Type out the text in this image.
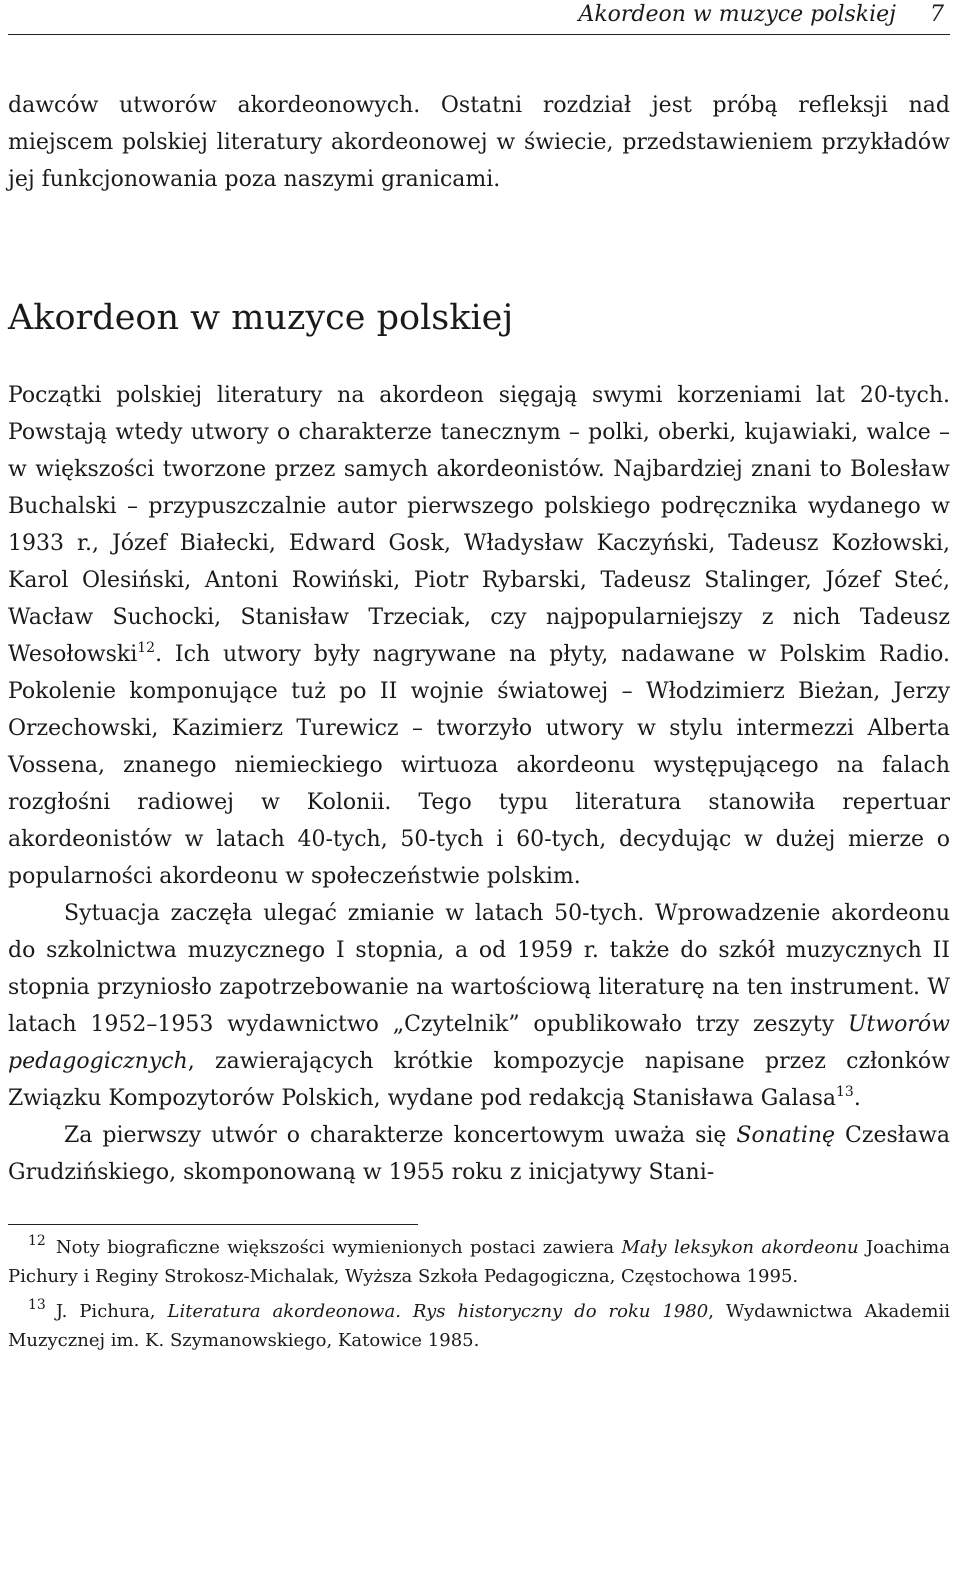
Akordeon w muzyce polskiej 7

dawców utworów akordeonowych. Ostatni rozdział jest próbą refleksji nad miejscem polskiej literatury akordeonowej w świecie, przedstawieniem przykładów jej funkcjonowania poza naszymi granicami.

Akordeon w muzyce polskiej

Początki polskiej literatury na akordeon sięgają swymi korzeniami lat 20-tych. Powstają wtedy utwory o charakterze tanecznym – polki, oberki, kujawiaki, walce – w większości tworzone przez samych akordeonistów. Najbardziej znani to Bolesław Buchalski – przypuszczalnie autor pierwszego polskiego podręcznika wydanego w 1933 r., Józef Białecki, Edward Gosk, Władysław Kaczyński, Tadeusz Kozłowski, Karol Olesiński, Antoni Rowiński, Piotr Rybarski, Tadeusz Stalinger, Józef Steć, Wacław Suchocki, Stanisław Trzeciak, czy najpopularniejszy z nich Tadeusz Wesołowski$^{12}$. Ich utwory były nagrywane na płyty, nadawane w Polskim Radio. Pokolenie komponujące tuż po II wojnie światowej – Włodzimierz Bieżan, Jerzy Orzechowski, Kazimierz Turewicz – tworzyło utwory w stylu intermezzi Alberta Vossena, znanego niemieckiego wirtuoza akordeonu występującego na falach rozgłośni radiowej w Kolonii. Tego typu literatura stanowiła repertuar akordeonistów w latach 40-tych, 50-tych i 60-tych, decydując w dużej mierze o popularności akordeonu w społeczeństwie polskim.

Sytuacja zaczęła ulegać zmianie w latach 50-tych. Wprowadzenie akordeonu do szkolnictwa muzycznego I stopnia, a od 1959 r. także do szkół muzycznych II stopnia przyniosło zapotrzebowanie na wartościową literaturę na ten instrument. W latach 1952–1953 wydawnictwo „Czytelnik” opublikowało trzy zeszyty Utworów pedagogicznych, zawierających krótkie kompozycje napisane przez członków Związku Kompozytorów Polskich, wydane pod redakcją Stanisława Galasa$^{13}$.

Za pierwszy utwór o charakterze koncertowym uważa się Sonatinę Czesława Grudzińskiego, skomponowaną w 1955 roku z inicjatywy Stani-

$^{12}$ Noty biograficzne większości wymienionych postaci zawiera Mały leksykon akordeonu Joachima Pichury i Reginy Strokosz-Michalak, Wyższa Szkoła Pedagogiczna, Częstochowa 1995.

$^{13}$ J. Pichura, Literatura akordeonowa. Rys historyczny do roku 1980, Wydawnictwa Akademii Muzycznej im. K. Szymanowskiego, Katowice 1985.
